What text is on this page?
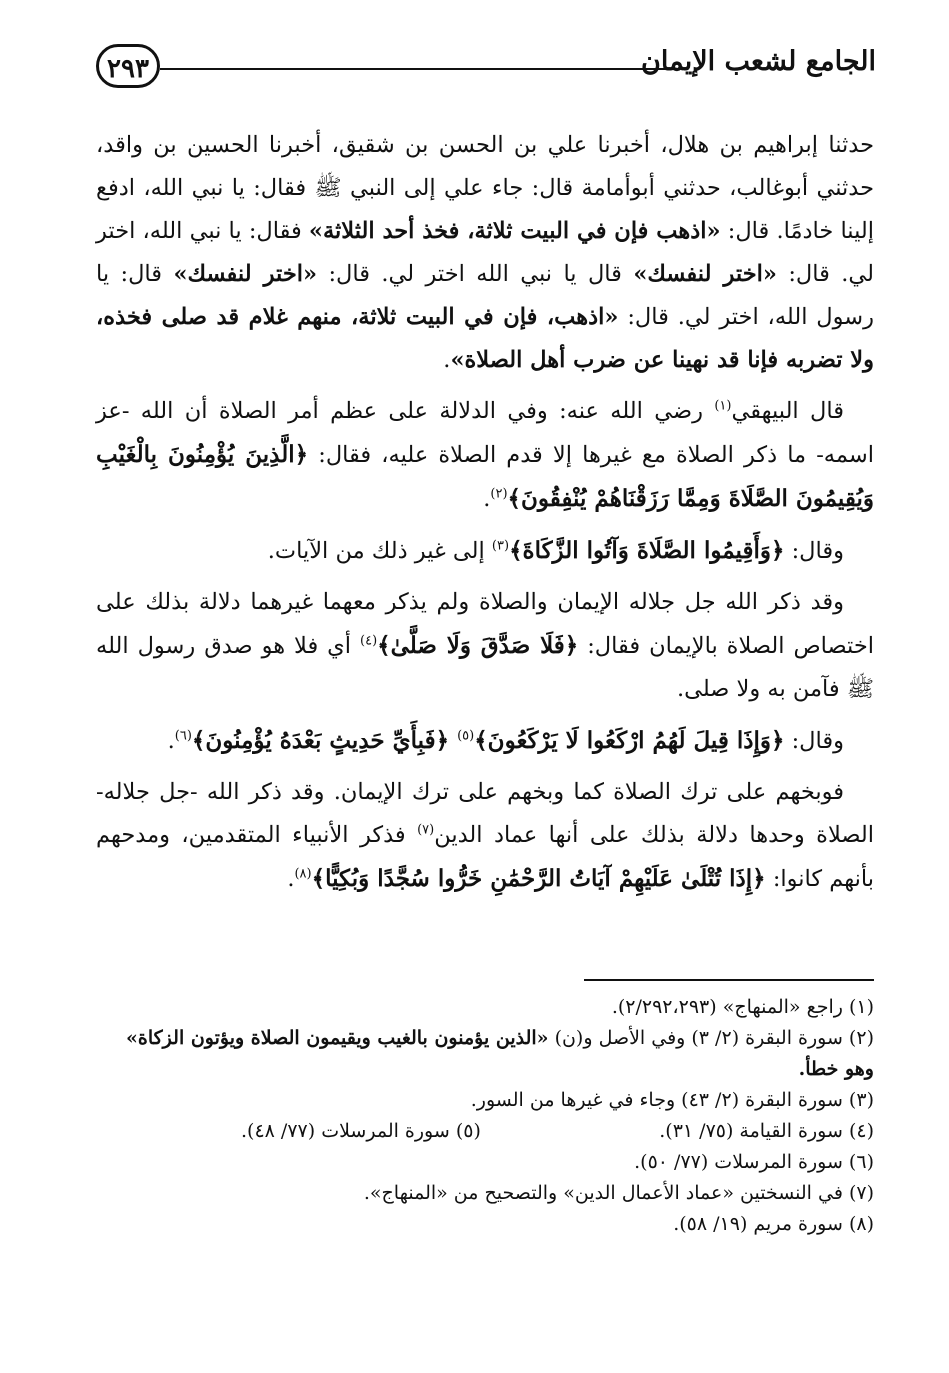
٢٩٣	الجامع لشعب الإيمان

حدثنا إبراهيم بن هلال، أخبرنا علي بن الحسن بن شقيق، أخبرنا الحسين بن واقد، حدثني أبوغالب، حدثني أبوأمامة قال: جاء علي إلى النبي ﷺ فقال: يا نبي الله، ادفع إلينا خادمًا. قال: «اذهب فإن في البيت ثلاثة، فخذ أحد الثلاثة» فقال: يا نبي الله، اختر لي. قال: «اختر لنفسك» قال يا نبي الله اختر لي. قال: «اختر لنفسك» قال: يا رسول الله، اختر لي. قال: «اذهب، فإن في البيت ثلاثة، منهم غلام قد صلى فخذه، ولا تضربه فإنا قد نهينا عن ضرب أهل الصلاة».

قال البيهقي$^{(١)}$ رضي الله عنه: وفي الدلالة على عظم أمر الصلاة أن الله -عز اسمه- ما ذكر الصلاة مع غيرها إلا قدم الصلاة عليه، فقال: ﴿الَّذِينَ يُؤْمِنُونَ بِالْغَيْبِ وَيُقِيمُونَ الصَّلَاةَ وَمِمَّا رَزَقْنَاهُمْ يُنْفِقُونَ﴾$^{(٢)}$.

وقال: ﴿وَأَقِيمُوا الصَّلَاةَ وَآتُوا الزَّكَاةَ﴾$^{(٣)}$ إلى غير ذلك من الآيات.

وقد ذكر الله جل جلاله الإيمان والصلاة ولم يذكر معهما غيرهما دلالة بذلك على اختصاص الصلاة بالإيمان فقال: ﴿فَلَا صَدَّقَ وَلَا صَلَّىٰ﴾$^{(٤)}$ أي فلا هو صدق رسول الله ﷺ فآمن به ولا صلى.

وقال: ﴿وَإِذَا قِيلَ لَهُمُ ارْكَعُوا لَا يَرْكَعُونَ﴾$^{(٥)}$ ﴿فَبِأَيِّ حَدِيثٍ بَعْدَهُ يُؤْمِنُونَ﴾$^{(٦)}$.

فوبخهم على ترك الصلاة كما وبخهم على ترك الإيمان. وقد ذكر الله -جل جلاله- الصلاة وحدها دلالة بذلك على أنها عماد الدين$^{(٧)}$ فذكر الأنبياء المتقدمين، ومدحهم بأنهم كانوا: ﴿إِذَا تُتْلَىٰ عَلَيْهِمْ آيَاتُ الرَّحْمَٰنِ خَرُّوا سُجَّدًا وَبُكِيًّا﴾$^{(٨)}$.

(١) راجع «المنهاج» (٢/٢٩٢،٢٩٣).

(٢) سورة البقرة (٢/ ٣) وفي الأصل و(ن) «الذين يؤمنون بالغيب ويقيمون الصلاة ويؤتون الزكاة» وهو خطأ.

(٣) سورة البقرة (٢/ ٤٣) وجاء في غيرها من السور.

(٤) سورة القيامة (٧٥/ ٣١).
(٥) سورة المرسلات (٧٧/ ٤٨).

(٦) سورة المرسلات (٧٧/ ٥٠).

(٧) في النسختين «عماد الأعمال الدين» والتصحيح من «المنهاج».

(٨) سورة مريم (١٩/ ٥٨).
